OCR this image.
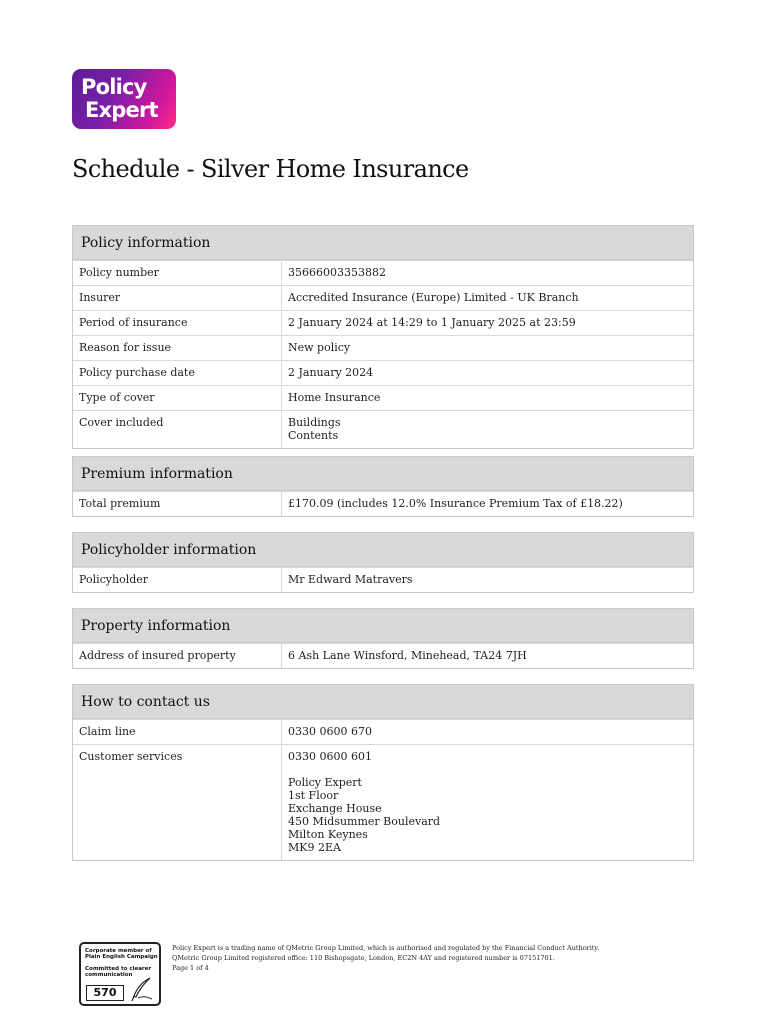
Policy
Expert
Schedule - Silver Home Insurance
Policy information
Policy number	35666003353882
Insurer	Accredited Insurance (Europe) Limited - UK Branch
Period of insurance	2 January 2024 at 14:29 to 1 January 2025 at 23:59
Reason for issue	New policy
Policy purchase date	2 January 2024
Type of cover	Home Insurance
Cover included	Buildings
Contents
Premium information
Total premium	£170.09 (includes 12.0% Insurance Premium Tax of £18.22)
Policyholder information
Policyholder	Mr Edward Matravers
Property information
Address of insured property	6 Ash Lane Winsford, Minehead, TA24 7JH
How to contact us
Claim line	0330 0600 670
Customer services	0330 0600 601

Policy Expert
1st Floor
Exchange House
450 Midsummer Boulevard
Milton Keynes
MK9 2EA
Corporate member of
Plain English Campaign
Committed to clearer
communication
570
Policy Expert is a trading name of QMetric Group Limited, which is authorised and regulated by the Financial Conduct Authority.
QMetric Group Limited registered office: 110 Bishopsgate, London, EC2N 4AY and registered number is 07151701.
Page 1 of 4
